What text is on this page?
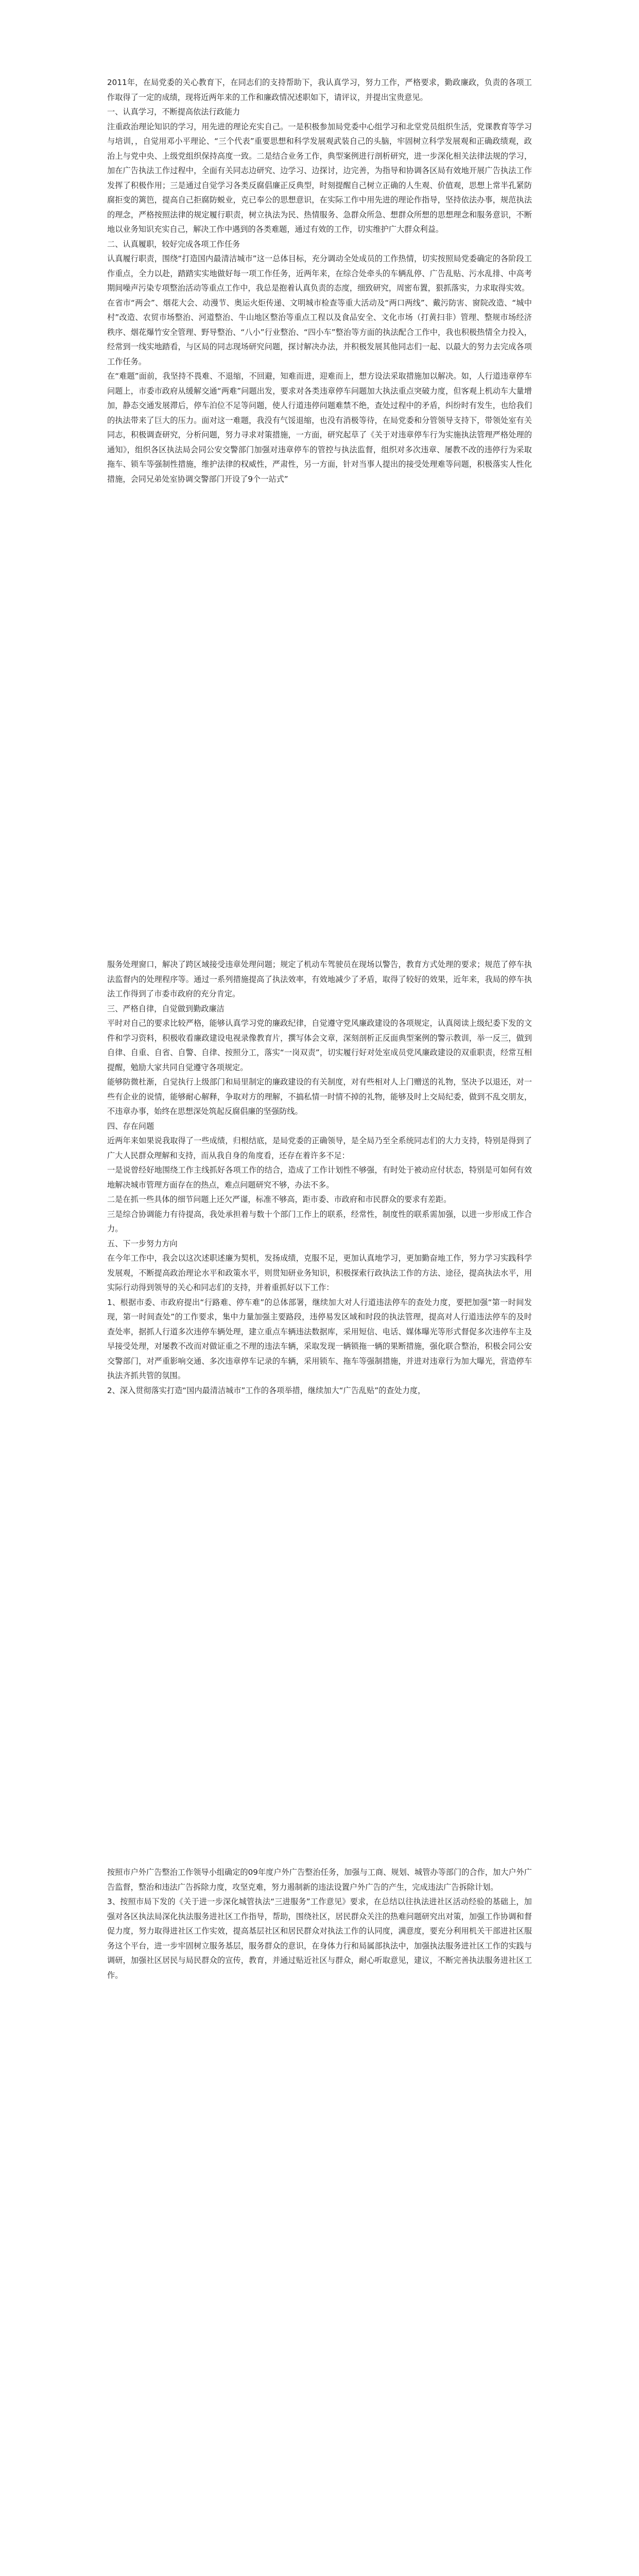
2011年，在局党委的关心教育下，在同志们的支持帮助下，我认真学习，努力工作，严格要求，勤政廉政，负责的各项工作取得了一定的成绩，现将近两年来的工作和廉政情况述职如下，请评议，并提出宝贵意见。

一、认真学习，不断提高依法行政能力

注重政治理论知识的学习，用先进的理论充实自己。一是积极参加局党委中心组学习和北堂党员组织生活，党课教育等学习与培训，，自觉用邓小平理论、“三个代表”重要思想和科学发展观武装自己的头脑，牢固树立科学发展观和正确政绩观，政治上与党中央、上级党组织保持高度一致。二是结合业务工作，典型案例进行剖析研究，进一步深化相关法律法规的学习，加在广告执法工作过程中，全面有关同志边研究、边学习、边探讨，边完善，为指导和协调各区局有效地开展广告执法工作发挥了积极作用；三是通过自觉学习各类反腐倡廉正反典型，时刻提醒自己树立正确的人生观、价值观，思想上常半孔紧防腐拒变的篱笆，提高自己拒腐防蜕业，克已奉公的思想意识，在实际工作中用先进的理论作指导，坚持依法办事，规范执法的理念，严格按照法律的规定履行职责，树立执法为民、热情服务、急群众所急、想群众所想的思想理念和服务意识，不断地以业务知识充实自己，解决工作中遇到的各类难题，通过有效的工作，切实维护广大群众利益。

二、认真履职，较好完成各项工作任务

认真履行职责，围绕“打造国内最清洁城市”这一总体目标，充分调动全处成员的工作热情，切实按照局党委确定的各阶段工作重点，全力以赴，踏踏实实地做好每一项工作任务，近两年来，在综合处牵头的车辆乱停、广告乱贴、污水乱排、中高考期间噪声污染专项整治活动等重点工作中，我总是抱着认真负责的态度，细致研究，周密布置，狠抓落实，力求取得实效。

在省市“两会”、烟花大会、动漫节、奥运火炬传递、文明城市检查等重大活动及“两口两线”、戴污防害、窗院改造、“城中村”改造、农贸市场整治、河道整治、牛山地区整治等重点工程以及食品安全、文化市场（打黄扫非）管理、整规市场经济秩序、烟花爆竹安全管理、野导整治、“八小”行业整治、“四小车”整治等方面的执法配合工作中，我也积极热情全力投入，经常到一线实地踏看，与区局的同志现场研究问题，探讨解决办法，并积极发展其他同志们一起、以最大的努力去完成各项工作任务。

在“难题”面前，我坚持不畏难、不退缩，不回避，知难而进，迎难而上，想方设法采取措施加以解决。如，人行道违章停车问题上，市委市政府从缓解交通“两难”问题出发，要求对各类违章停车问题加大执法重点突破力度，但客观上机动车大量增加，静态交通发展滞后，停车泊位不足等问题，使人行道违停问题难禁不绝，查处过程中的矛盾，纠纷时有发生，也给我们的执法带来了巨大的压力。面对这一难题，我没有气馁退缩，也没有消极等待，在局党委和分管领导支持下，带领处室有关同志，积极调查研究，分析问题，努力寻求对策措施，一方面，研究起草了《关于对违章停车行为实施执法管理严格处理的通知》，组织各区执法局会同公安交警部门加强对违章停车的管控与执法监督，组织对多次违章、屡教不改的违停行为采取拖车、锁车等强制性措施，维护法律的权威性，严肃性，另一方面，针对当事人提出的接受处理难等问题，积极落实人性化措施，会同兄弟处室协调交警部门开设了9个一站式”

服务处理窗口，解决了跨区域接受违章处理问题；规定了机动车驾驶员在现场以警告，教育方式处理的要求；规范了停车执法监督内的处理程序等。通过一系列措施提高了执法效率，有效地减少了矛盾，取得了较好的效果，近年来，我局的停车执法工作得到了市委市政府的充分肯定。

三、严格自律，自觉做到勤政廉洁

平时对自己的要求比较严格，能够认真学习党的廉政纪律，自觉遵守党风廉政建设的各项规定，认真阅读上级纪委下发的文件和学习资料，积极收看廉政建设电视录像教育片，撰写体会文章，深刻剖析正反面典型案例的警示教训，举一反三，做到自律、自重、自省、自警、自律、按照分工，落实“一岗双责”，切实履行好对处室成员党风廉政建设的双重职责，经常互相提醒，勉励大家共同自觉遵守各项规定。

能够防微杜渐，自觉执行上级部门和局里制定的廉政建设的有关制度，对有些相对人上门赠送的礼物，坚决予以退还，对一些有企业的说情，能够耐心解释，争取对方的理解，不搞私情一时情不掉的礼物，能够及时上交局纪委，做到不乱交朋友，不违章办事，始终在思想深处筑起反腐倡廉的坚强防线。

四、存在问题

近两年来如果说我取得了一些成绩，归根结底，是局党委的正确领导，是全局乃至全系统同志们的大力支持，特别是得到了广大人民群众理解和支持，而从我自身的角度看，还存在着许多不足：

一是说曾经好地围绕工作主线抓好各项工作的结合，造成了工作计划性不够强，有时处于被动应付状态，特别是可如何有效地解决城市管理方面存在的热点，难点问题研究不够，办法不多。

二是在抓一些具体的细节问题上还欠严谨，标准不够高，距市委、市政府和市民群众的要求有差距。

三是综合协调能力有待提高，我处承担着与数十个部门工作上的联系，经常性，制度性的联系需加强，以进一步形成工作合力。

五、下一步努力方向

在今年工作中，我会以这次述职述廉为契机，发扬成绩，克服不足，更加认真地学习，更加勤奋地工作，努力学习实践科学发展观，不断提高政治理论水平和政策水平，则贯知研业务知识，积极探索行政执法工作的方法、途径，提高执法水平，用实际行动得到领导的关心和同志们的支持，并着重抓好以下工作：

1、根据市委、市政府提出“行路难、停车难”的总体部署，继续加大对人行道违法停车的查处力度，要把加强“第一时间发现，第一时间查处”的工作要求，集中力量加强主要路段，违停易发区域和时段的执法管理，提高对人行道违法停车的及时查处率，据抓人行道多次违停车辆处理，建立重点车辆违法数据库，采用短信、电话、媒体曝光等形式督促多次违停车主及早接受处理，对屡教不改而对做证重之不理的违法车辆，采取发现一辆锁拖一辆的果断措施，强化联合整治，积极会同公安交警部门，对严重影响交通、多次违章停车记录的车辆，采用锁车、拖车等强制措施，并进对违章行为加大曝光，营造停车执法齐抓共管的氛围。

2、深入贯彻落实打造“国内最清洁城市”工作的各项举措，继续加大“广告乱贴”的查处力度，

按照市户外广告整治工作领导小组确定的09年度户外广告整治任务，加强与工商、规划、城管办等部门的合作，加大户外广告监督，整治和违法广告拆除力度，攻坚克难，努力遏制新的违法设置户外广告的产生，完成违法广告拆除计划。

3、按照市局下发的《关于进一步深化城管执法“三进服务”工作意见》要求，在总结以往执法进社区活动经验的基础上，加强对各区执法局深化执法服务进社区工作指导，帮助，围绕社区，居民群众关注的热难问题研究出对策，加强工作协调和督促力度，努力取得进社区工作实效，提高基层社区和居民群众对执法工作的认同度，满意度，要充分利用机关干部进社区服务这个平台，进一步牢固树立服务基层，服务群众的意识，在身体力行和局属部执法中，加强执法服务进社区工作的实践与调研，加强社区居民与局民群众的宣传，教育，并通过贴近社区与群众，耐心听取意见，建议，不断完善执法服务进社区工作。
